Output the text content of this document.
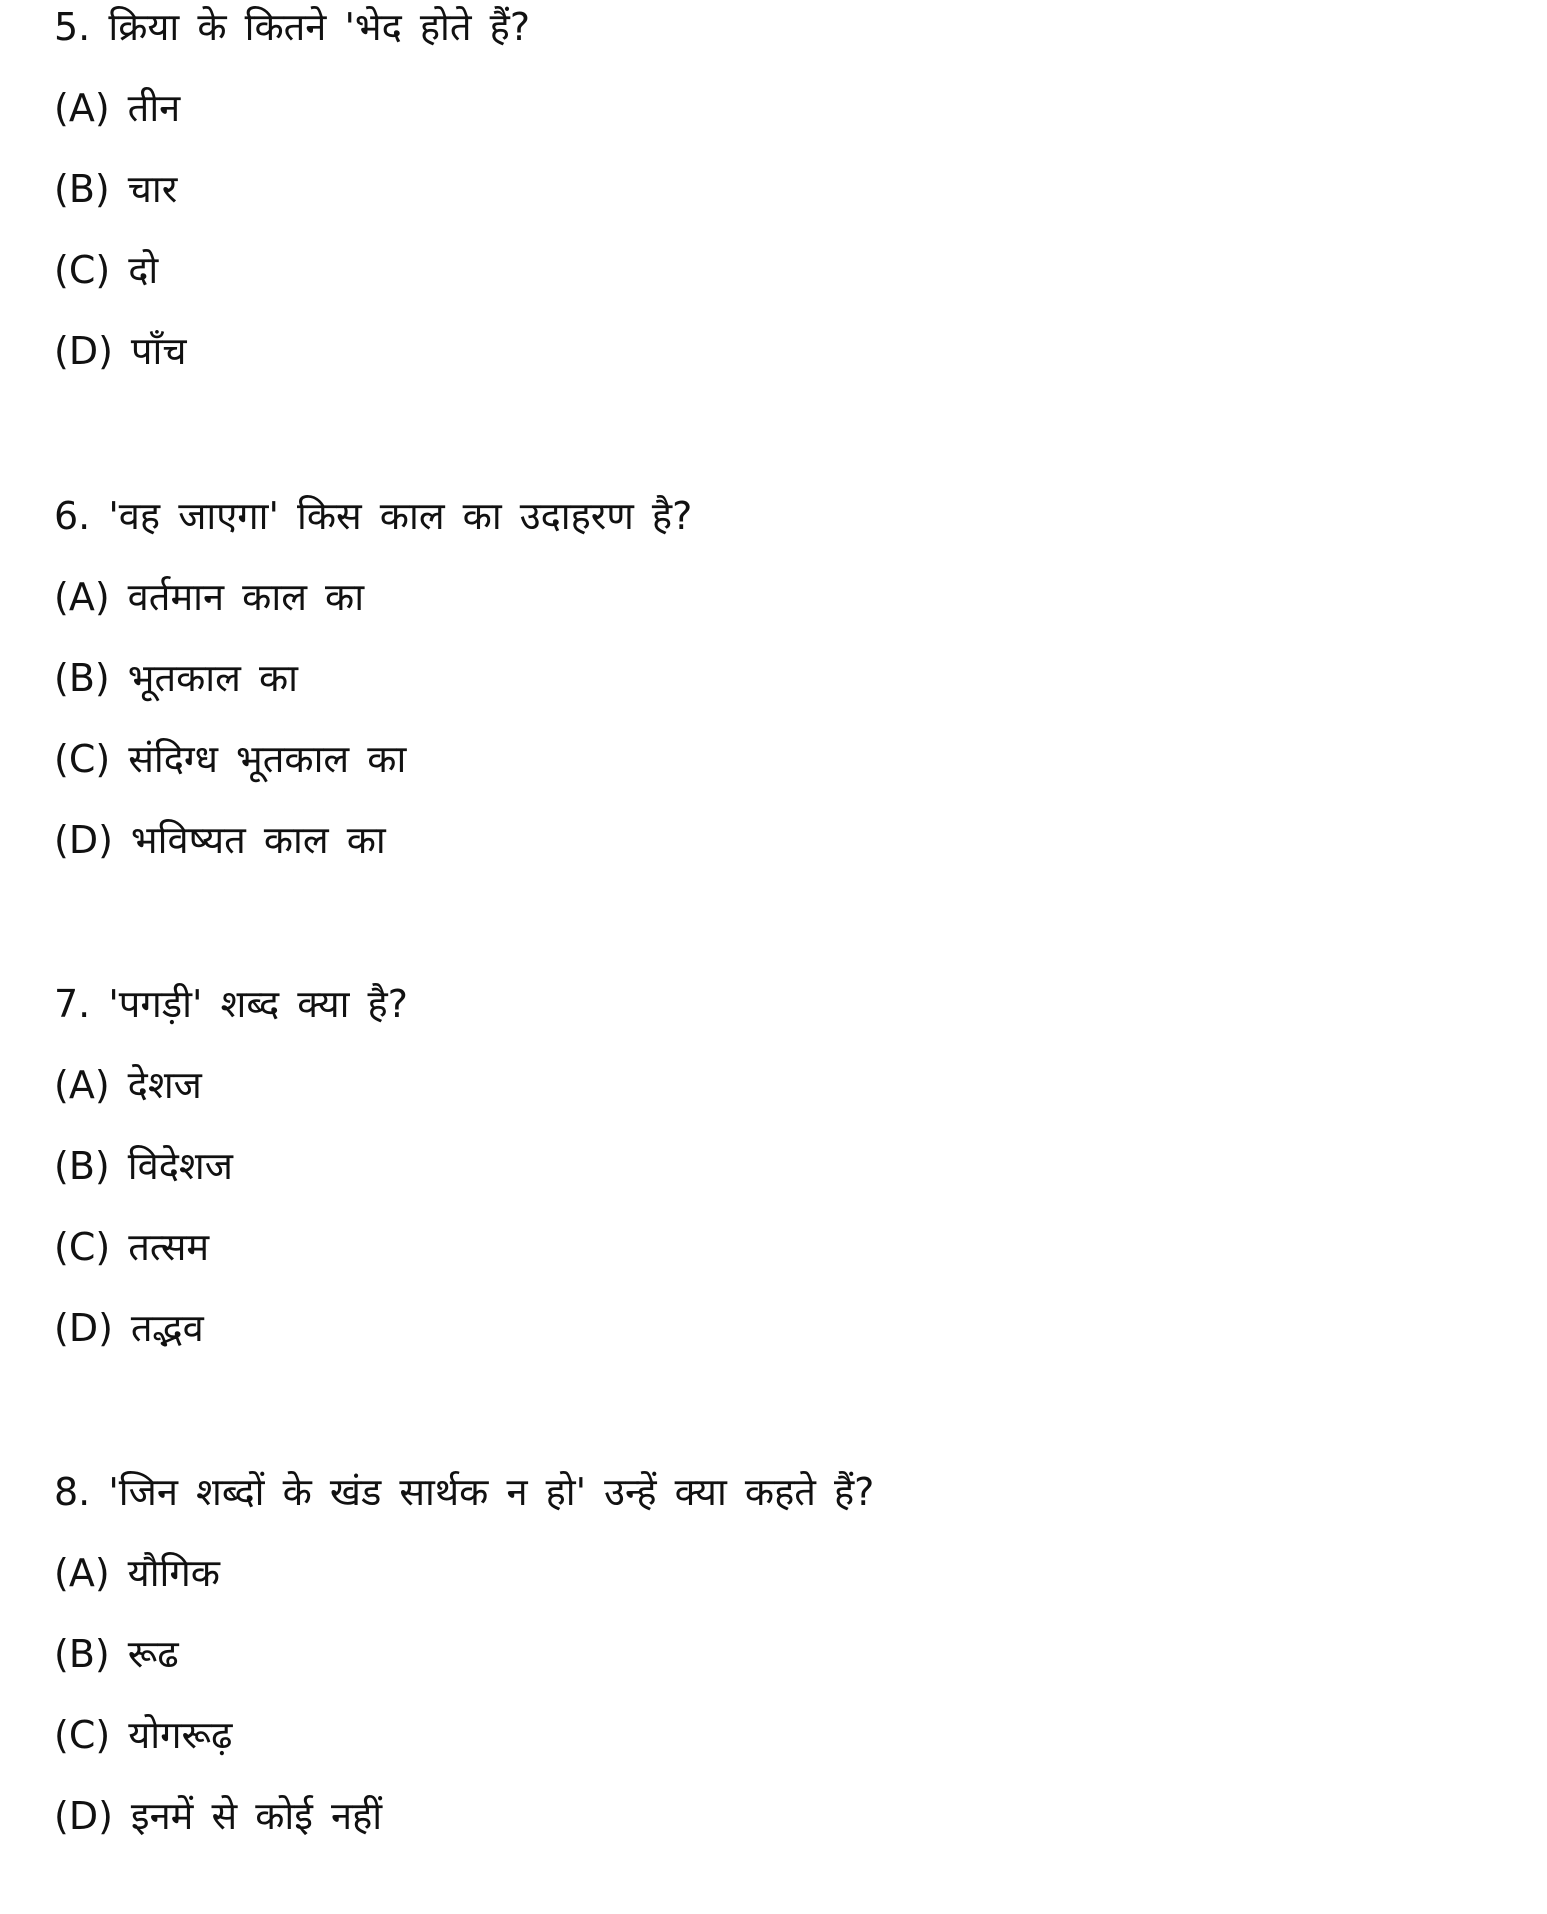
5. क्रिया के कितने 'भेद होते हैं?
(A) तीन
(B) चार
(C) दो
(D) पाँच
6. 'वह जाएगा' किस काल का उदाहरण है?
(A) वर्तमान काल का
(B) भूतकाल का
(C) संदिग्ध भूतकाल का
(D) भविष्यत काल का
7. 'पगड़ी' शब्द क्या है?
(A) देशज
(B) विदेशज
(C) तत्सम
(D) तद्भव
8. 'जिन शब्दों के खंड सार्थक न हो' उन्हें क्या कहते हैं?
(A) यौगिक
(B) रूढ
(C) योगरूढ़
(D) इनमें से कोई नहीं
